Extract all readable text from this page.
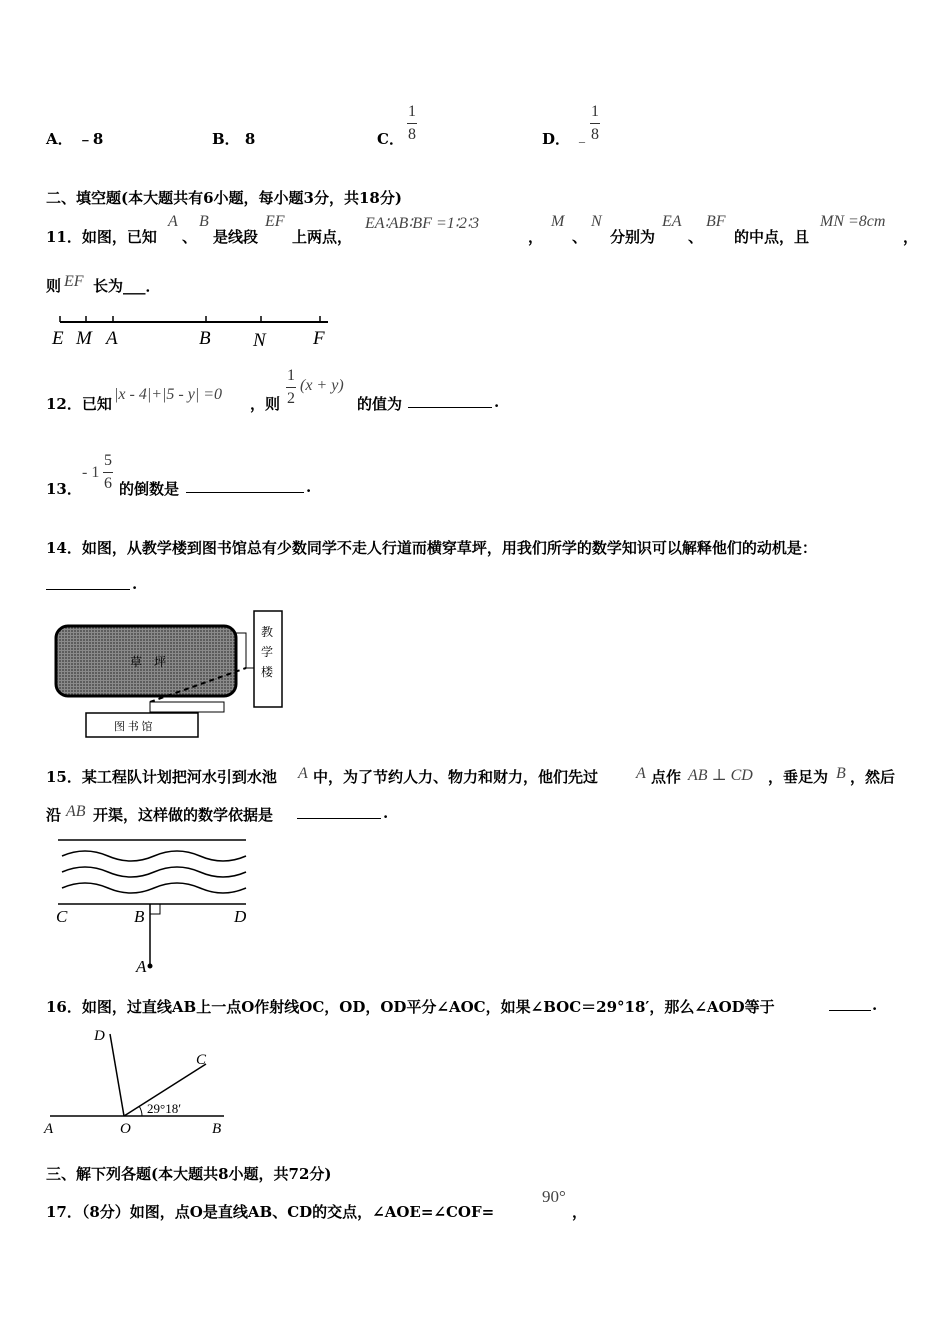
A． ﹣8	B． 8	C．
1
8	D． ﹣
1
8
二、填空题(本大题共有6小题，每小题3分，共18分)
11．如图，已知
A
、
B
是线段
EF
上两点，
EA∶AB∶BF =1∶2∶3
，
M
、
N
分别为
EA
、
BF
的中点，且
MN =8cm
，
则 EF 长为___．
E M A	B N F
12．已知
|x - 4|+|5 - y| =0
，则
1
2
(x + y)
的值为	.
13．
- 1
5
6 的倒数是	.
14．如图，从教学楼到图书馆总有少数同学不走人行道而横穿草坪，用我们所学的数学知识可以解释他们的动机是：
.
草　坪
教
学
楼
图 书 馆
15．某工程队计划把河水引到水池 A 中，为了节约人力、物力和财力，他们先过 A 点作 AB ⊥ CD ，垂足为 B ，然后
沿 AB 开渠，这样做的数学依据是	.
C	B	D
A
16．如图，过直线AB上一点O作射线OC，OD，OD平分∠AOC，如果∠BOC＝29°18′，那么∠AOD等于	.
29°18′
A	O	B
C
D
三、解下列各题(本大题共8小题，共72分)
17．（8分）如图，点O是直线AB、CD的交点，∠AOE=∠COF=
90°
，
